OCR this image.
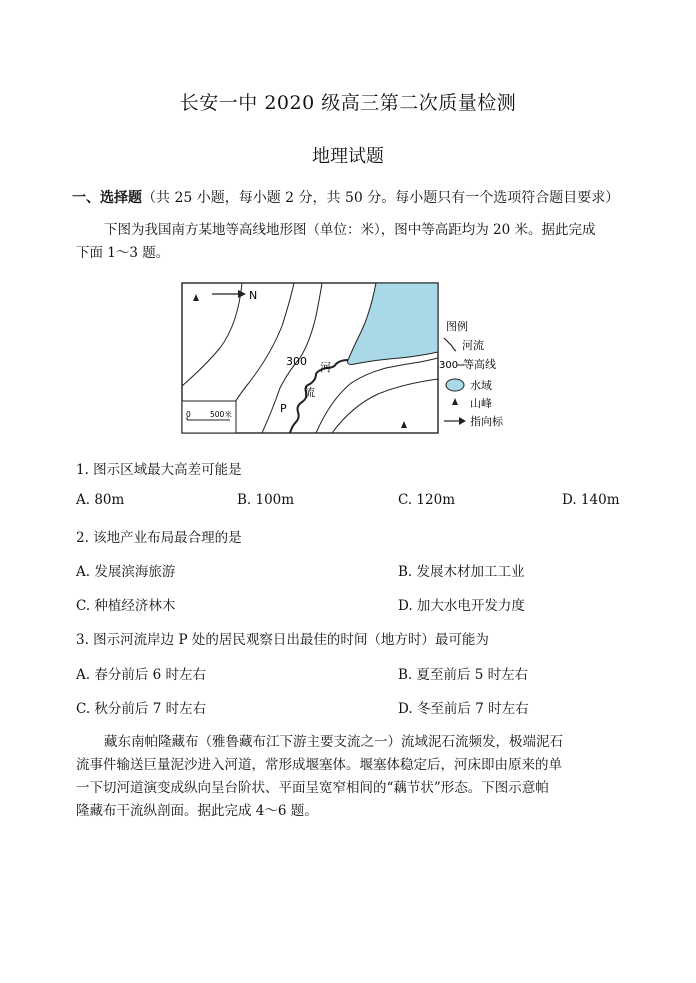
长安一中 2020 级高三第二次质量检测
地理试题
一、选择题（共 25 小题，每小题 2 分，共 50 分。每小题只有一个选项符合题目要求）
下图为我国南方某地等高线地形图（单位：米），图中等高距均为 20 米。据此完成
下面 1～3 题。
N
300 河
流
P
0	500米
图例
河流
300 等高线
水域
山峰
指向标
1. 图示区域最大高差可能是
A. 80m	B. 100m	C. 120m	D. 140m
2. 该地产业布局最合理的是
A. 发展滨海旅游	B. 发展木材加工工业
C. 种植经济林木	D. 加大水电开发力度
3. 图示河流岸边 P 处的居民观察日出最佳的时间（地方时）最可能为
A. 春分前后 6 时左右	B. 夏至前后 5 时左右
C. 秋分前后 7 时左右	D. 冬至前后 7 时左右
藏东南帕隆藏布（雅鲁藏布江下游主要支流之一）流域泥石流频发，极端泥石
流事件输送巨量泥沙进入河道，常形成堰塞体。堰塞体稳定后，河床即由原来的单
一下切河道演变成纵向呈台阶状、平面呈宽窄相间的“藕节状”形态。下图示意帕
隆藏布干流纵剖面。据此完成 4～6 题。
